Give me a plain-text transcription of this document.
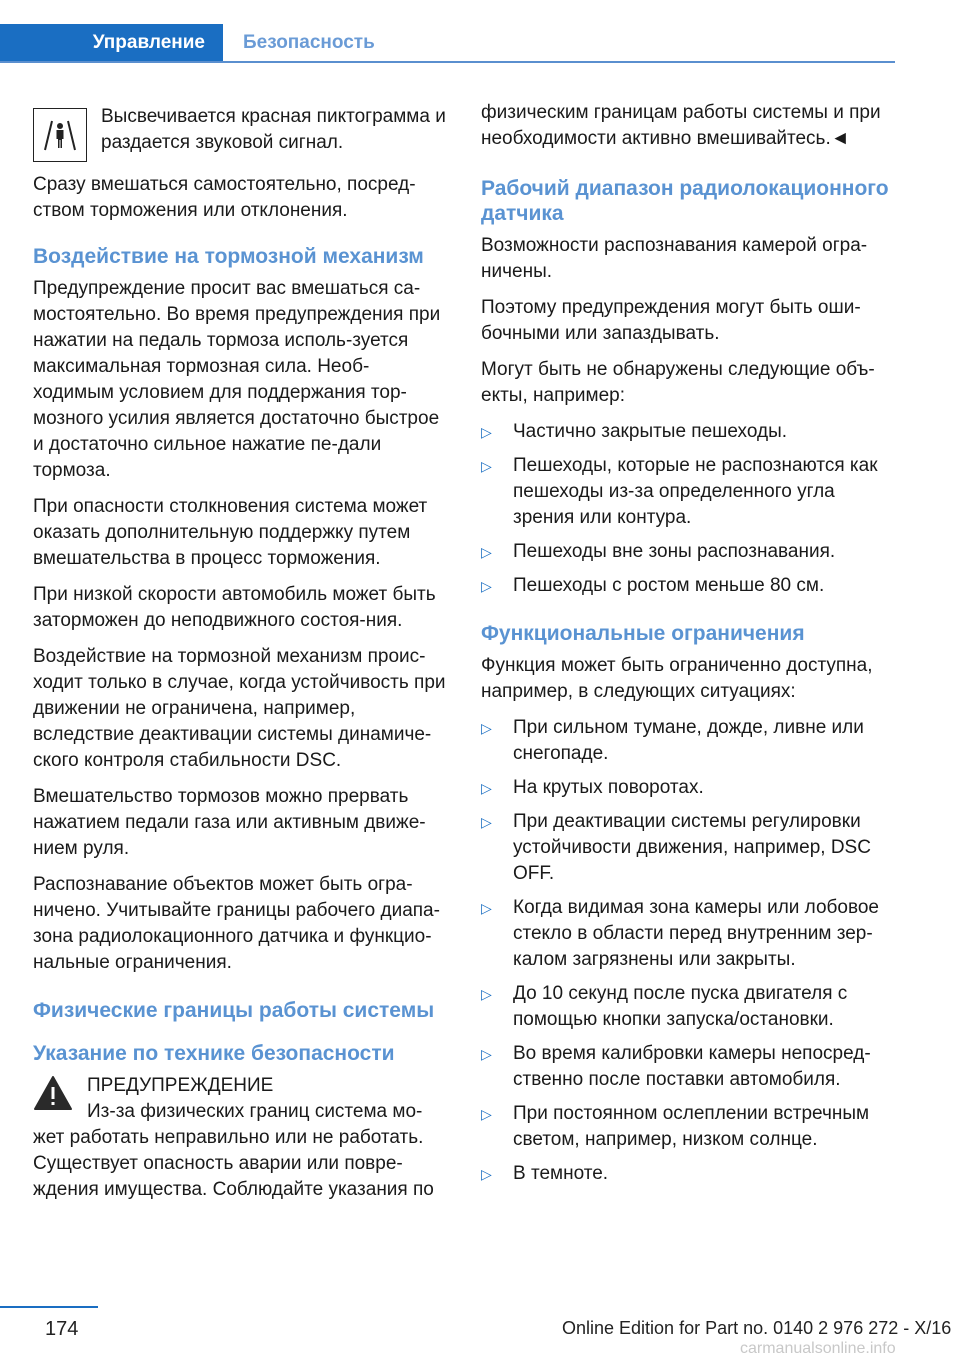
Управление Безопасность

Высвечивается красная пиктограмма и раздается звуковой сигнал.

Сразу вмешаться самостоятельно, посред‐ством торможения или отклонения.

Воздействие на тормозной механизм

Предупреждение просит вас вмешаться са‐мостоятельно. Во время предупреждения при нажатии на педаль тормоза исполь‐зуется максимальная тормозная сила. Необ‐ходимым условием для поддержания тор‐мозного усилия является достаточно быстрое и достаточно сильное нажатие пе‐дали тормоза.

При опасности столкновения система может оказать дополнительную поддержку путем вмешательства в процесс торможения.

При низкой скорости автомобиль может быть заторможен до неподвижного состоя‐ния.

Воздействие на тормозной механизм проис‐ходит только в случае, когда устойчивость при движении не ограничена, например, вследствие деактивации системы динамиче‐ского контроля стабильности DSC.

Вмешательство тормозов можно прервать нажатием педали газа или активным движе‐нием руля.

Распознавание объектов может быть огра‐ничено. Учитывайте границы рабочего диапа‐зона радиолокационного датчика и функцио‐нальные ограничения.

Физические границы работы системы
Указание по технике безопасности
ПРЕДУПРЕЖДЕНИЕ
Из-за физических границ система мо‐

жет работать неправильно или не работать. Существует опасность аварии или повре‐ждения имущества. Соблюдайте указания по

физическим границам работы системы и при необходимости активно вмешивайтесь.◄

Рабочий диапазон радиолокационного датчика

Возможности распознавания камерой огра‐ничены.

Поэтому предупреждения могут быть оши‐бочными или запаздывать.

Могут быть не обнаружены следующие объ‐екты, например:

▷	Частично закрытые пешеходы.
▷	Пешеходы, которые не распознаются как пешеходы из-за определенного угла зрения или контура.
▷	Пешеходы вне зоны распознавания.
▷	Пешеходы с ростом меньше 80 см.
Функциональные ограничения

Функция может быть ограниченно доступна, например, в следующих ситуациях:

▷	При сильном тумане, дожде, ливне или снегопаде.
▷	На крутых поворотах.
▷	При деактивации системы регулировки устойчивости движения, например, DSC OFF.
▷	Когда видимая зона камеры или лобовое стекло в области перед внутренним зер‐калом загрязнены или закрыты.
▷	До 10 секунд после пуска двигателя с помощью кнопки запуска/остановки.
▷	Во время калибровки камеры непосред‐ственно после поставки автомобиля.
▷	При постоянном ослеплении встречным светом, например, низком солнце.
▷	В темноте.
174	Online Edition for Part no. 0140 2 976 272 - X/16
carmanualsonline.info
